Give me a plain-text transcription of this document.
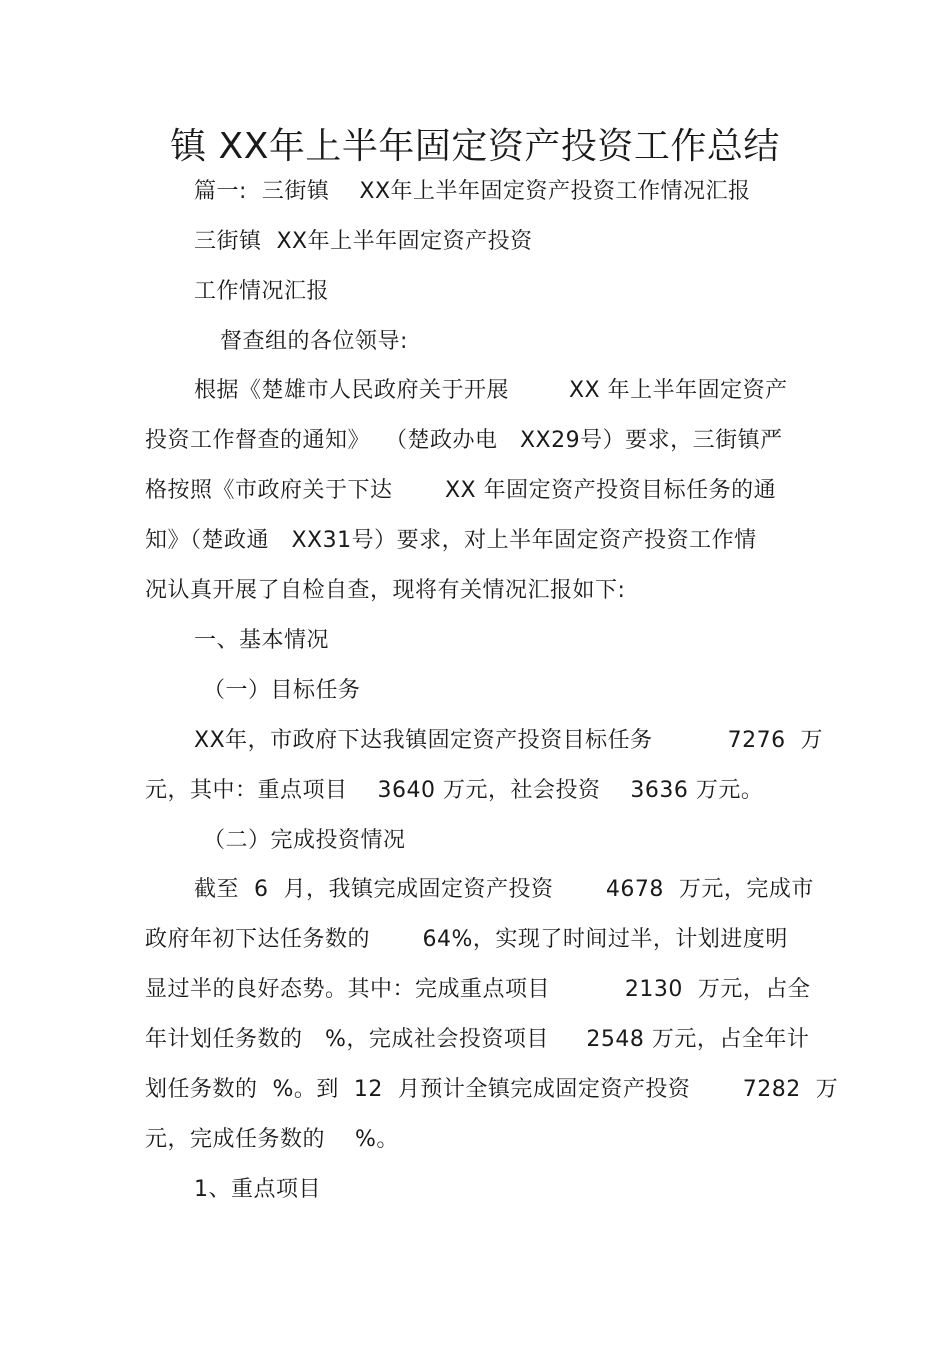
镇 XX年上半年固定资产投资工作总结
篇一:  三街镇    XX年上半年固定资产投资工作情况汇报
三街镇  XX年上半年固定资产投资
工作情况汇报
督查组的各位领导:
根据《楚雄市人民政府关于开展        XX 年上半年固定资产
投资工作督查的通知》  （楚政办电   XX29号）要求，三街镇严
格按照《市政府关于下达       XX 年固定资产投资目标任务的通
知》（楚政通   XX31号）要求，对上半年固定资产投资工作情
况认真开展了自检自查，现将有关情况汇报如下:
一、基本情况
（一）目标任务
XX年，市政府下达我镇固定资产投资目标任务          7276  万
元，其中：重点项目    3640 万元，社会投资    3636 万元。
（二）完成投资情况
截至  6  月，我镇完成固定资产投资       4678  万元，完成市
政府年初下达任务数的       64%，实现了时间过半，计划进度明
显过半的良好态势。其中：完成重点项目          2130  万元，占全
年计划任务数的   %，完成社会投资项目     2548 万元，占全年计
划任务数的  %。到  12  月预计全镇完成固定资产投资       7282  万
元，完成任务数的    %。
1、重点项目
